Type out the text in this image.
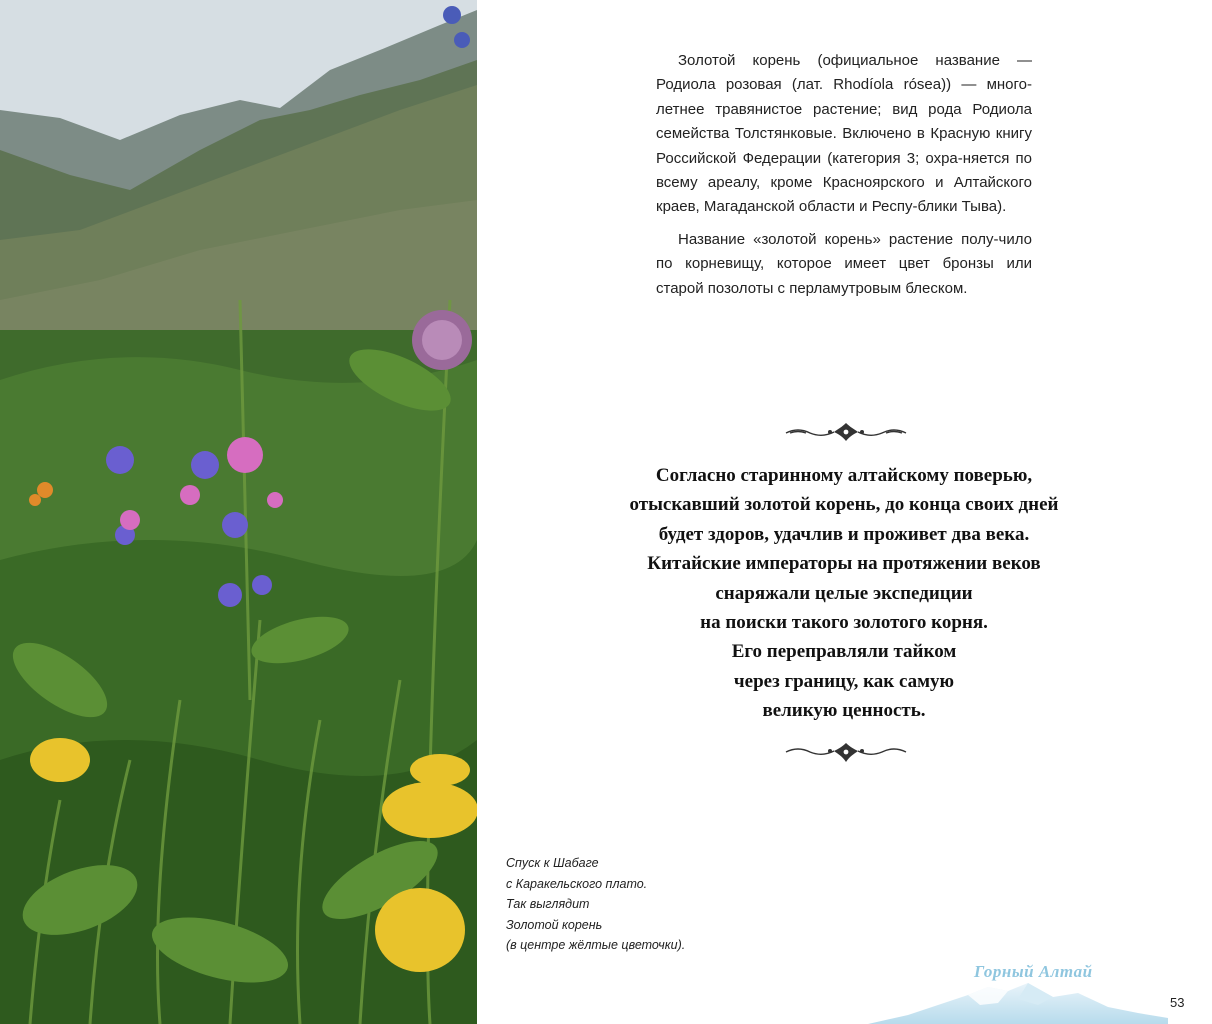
Золотой корень (официальное название — Родиола розовая (лат. Rhodíola rósea)) — много-летнее травянистое растение; вид рода Родиола семейства Толстянковые. Включено в Красную книгу Российской Федерации (категория 3; охра-няется по всему ареалу, кроме Красноярского и Алтайского краев, Магаданской области и Респу-блики Тыва).

Название «золотой корень» растение полу-чило по корневищу, которое имеет цвет бронзы или старой позолоты с перламутровым блеском.

Согласно старинному алтайскому поверью,
отыскавший золотой корень, до конца своих дней
будет здоров, удачлив и проживет два века.
Китайские императоры на протяжении веков
снаряжали целые экспедиции
на поиски такого золотого корня.
Его переправляли тайком
через границу, как самую
великую ценность.
Спуск к Шабаге
с Каракельского плато.
Так выглядит
Золотой корень
(в центре жёлтые цветочки).
Горный Алтай
53
